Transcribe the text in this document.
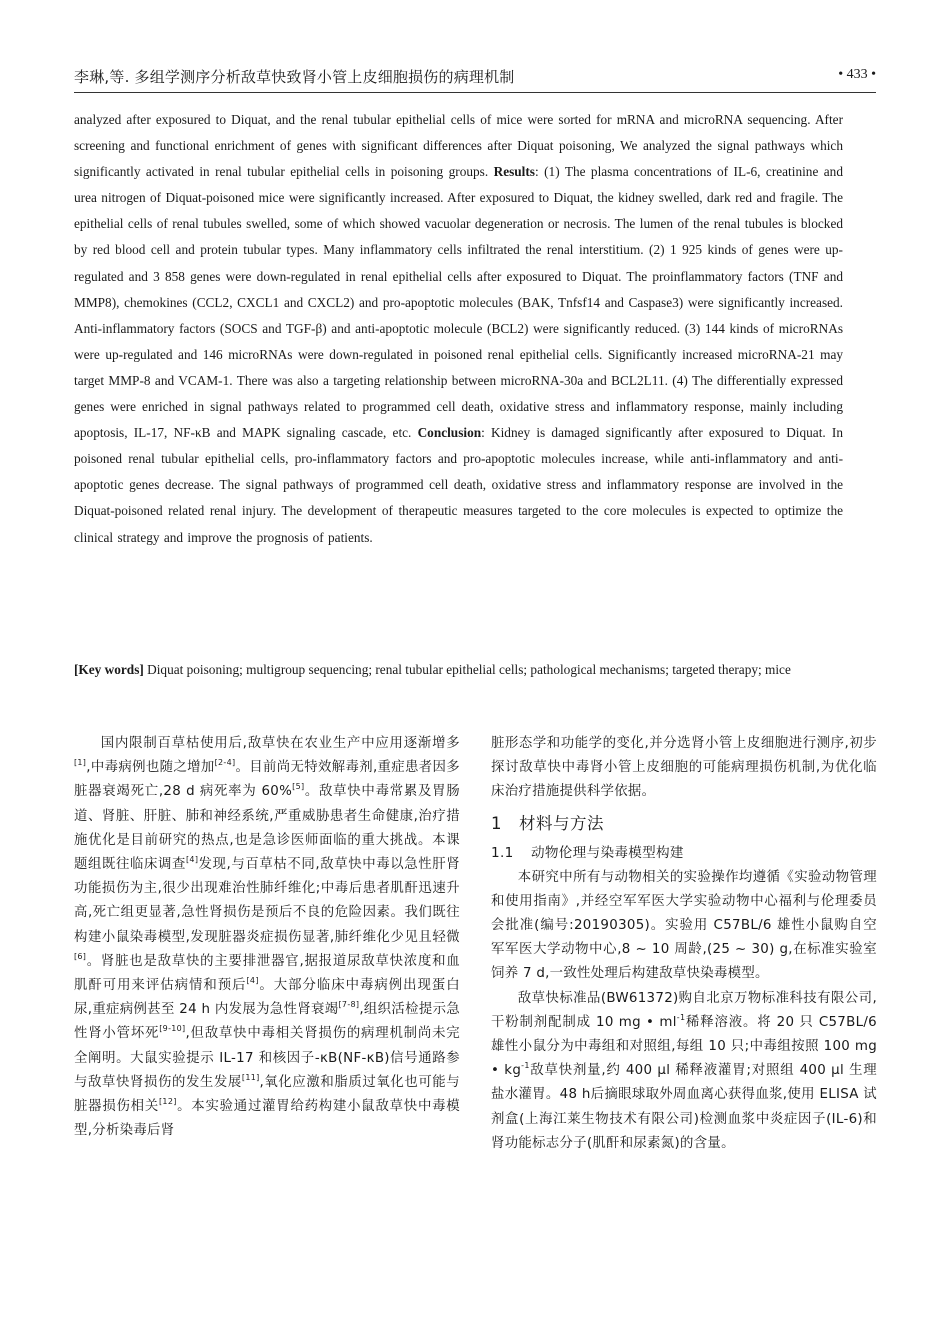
李琳,等. 多组学测序分析敌草快致肾小管上皮细胞损伤的病理机制	• 433 •

analyzed after exposured to Diquat, and the renal tubular epithelial cells of mice were sorted for mRNA and microRNA sequencing. After screening and functional enrichment of genes with significant differences after Diquat poisoning, We analyzed the signal pathways which significantly activated in renal tubular epithelial cells in poisoning groups. Results: (1) The plasma concentrations of IL-6, creatinine and urea nitrogen of Diquat-poisoned mice were significantly increased. After exposured to Diquat, the kidney swelled, dark red and fragile. The epithelial cells of renal tubules swelled, some of which showed vacuolar degeneration or necrosis. The lumen of the renal tubules is blocked by red blood cell and protein tubular types. Many inflammatory cells infiltrated the renal interstitium. (2) 1 925 kinds of genes were up-regulated and 3 858 genes were down-regulated in renal epithelial cells after exposured to Diquat. The proinflammatory factors (TNF and MMP8), chemokines (CCL2, CXCL1 and CXCL2) and pro-apoptotic molecules (BAK, Tnfsf14 and Caspase3) were significantly increased. Anti-inflammatory factors (SOCS and TGF-β) and anti-apoptotic molecule (BCL2) were significantly reduced. (3) 144 kinds of microRNAs were up-regulated and 146 microRNAs were down-regulated in poisoned renal epithelial cells. Significantly increased microRNA-21 may target MMP-8 and VCAM-1. There was also a targeting relationship between microRNA-30a and BCL2L11. (4) The differentially expressed genes were enriched in signal pathways related to programmed cell death, oxidative stress and inflammatory response, mainly including apoptosis, IL-17, NF-κB and MAPK signaling cascade, etc. Conclusion: Kidney is damaged significantly after exposured to Diquat. In poisoned renal tubular epithelial cells, pro-inflammatory factors and pro-apoptotic molecules increase, while anti-inflammatory and anti-apoptotic genes decrease. The signal pathways of programmed cell death, oxidative stress and inflammatory response are involved in the Diquat-poisoned related renal injury. The development of therapeutic measures targeted to the core molecules is expected to optimize the clinical strategy and improve the prognosis of patients.

[Key words] Diquat poisoning; multigroup sequencing; renal tubular epithelial cells; pathological mechanisms; targeted therapy; mice

国内限制百草枯使用后,敌草快在农业生产中应用逐渐增多[1],中毒病例也随之增加[2-4]。目前尚无特效解毒剂,重症患者因多脏器衰竭死亡,28 d 病死率为 60%[5]。敌草快中毒常累及胃肠道、肾脏、肝脏、肺和神经系统,严重威胁患者生命健康,治疗措施优化是目前研究的热点,也是急诊医师面临的重大挑战。本课题组既往临床调查[4]发现,与百草枯不同,敌草快中毒以急性肝肾功能损伤为主,很少出现难治性肺纤维化;中毒后患者肌酐迅速升高,死亡组更显著,急性肾损伤是预后不良的危险因素。我们既往构建小鼠染毒模型,发现脏器炎症损伤显著,肺纤维化少见且轻微[6]。肾脏也是敌草快的主要排泄器官,据报道尿敌草快浓度和血肌酐可用来评估病情和预后[4]。大部分临床中毒病例出现蛋白尿,重症病例甚至 24 h 内发展为急性肾衰竭[7-8],组织活检提示急性肾小管坏死[9-10],但敌草快中毒相关肾损伤的病理机制尚未完全阐明。大鼠实验提示 IL-17 和核因子-κB(NF-κB)信号通路参与敌草快肾损伤的发生发展[11],氧化应激和脂质过氧化也可能与脏器损伤相关[12]。本实验通过灌胃给药构建小鼠敌草快中毒模型,分析染毒后肾

脏形态学和功能学的变化,并分选肾小管上皮细胞进行测序,初步探讨敌草快中毒肾小管上皮细胞的可能病理损伤机制,为优化临床治疗措施提供科学依据。

1 材料与方法
1.1 动物伦理与染毒模型构建

本研究中所有与动物相关的实验操作均遵循《实验动物管理和使用指南》,并经空军军医大学实验动物中心福利与伦理委员会批准(编号:20190305)。实验用 C57BL/6 雄性小鼠购自空军军医大学动物中心,8 ~ 10 周龄,(25 ~ 30) g,在标准实验室饲养 7 d,一致性处理后构建敌草快染毒模型。

敌草快标准品(BW61372)购自北京万物标准科技有限公司,干粉制剂配制成 10 mg • $ml^{-1}$稀释溶液。将 20 只 C57BL/6 雄性小鼠分为中毒组和对照组,每组 10 只;中毒组按照 100 mg • $kg^{-1}$敌草快剂量,约 400 μl 稀释液灌胃;对照组 400 μl 生理盐水灌胃。48 h后摘眼球取外周血离心获得血浆,使用 ELISA 试剂盒(上海江莱生物技术有限公司)检测血浆中炎症因子(IL-6)和肾功能标志分子(肌酐和尿素氮)的含量。
